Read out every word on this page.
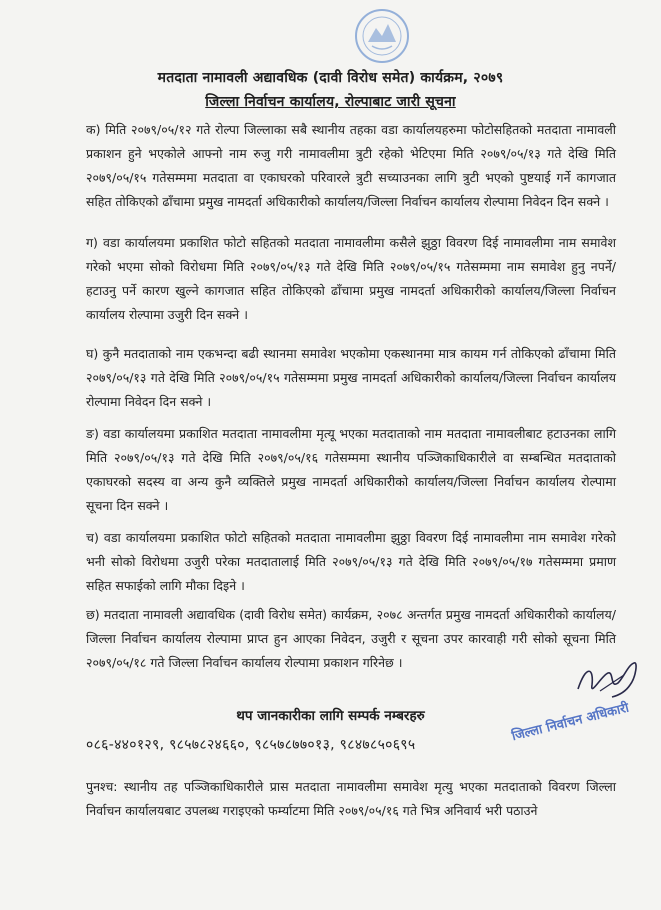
मतदाता नामावली अद्यावधिक (दावी विरोध समेत) कार्यक्रम, २०७९
जिल्ला निर्वाचन कार्यालय, रोल्पाबाट जारी सूचना

क) मिति २०७९/०५/१२ गते रोल्पा जिल्लाका सबै स्थानीय तहका वडा कार्यालयहरुमा फोटोसहितको मतदाता नामावली प्रकाशन हुने भएकोले आफ्नो नाम रुजु गरी नामावलीमा त्रुटी रहेको भेटिएमा मिति २०७९/०५/१३ गते देखि मिति २०७९/०५/१५ गतेसम्ममा मतदाता वा एकाघरको परिवारले त्रुटी सच्याउनका लागि त्रुटी भएको पुष्टयाई गर्ने कागजात सहित तोकिएको ढाँचामा प्रमुख नामदर्ता अधिकारीको कार्यालय/जिल्ला निर्वाचन कार्यालय रोल्पामा निवेदन दिन सक्ने ।

ग) वडा कार्यालयमा प्रकाशित फोटो सहितको मतदाता नामावलीमा कसैले झुठ्ठा विवरण दिई नामावलीमा नाम समावेश गरेको भएमा सोको विरोधमा मिति २०७९/०५/१३ गते देखि मिति २०७९/०५/१५ गतेसम्ममा नाम समावेश हुनु नपर्ने/हटाउनु पर्ने कारण खुल्ने कागजात सहित तोकिएको ढाँचामा प्रमुख नामदर्ता अधिकारीको कार्यालय/जिल्ला निर्वाचन कार्यालय रोल्पामा उजुरी दिन सक्ने ।

घ) कुनै मतदाताको नाम एकभन्दा बढी स्थानमा समावेश भएकोमा एकस्थानमा मात्र कायम गर्न तोकिएको ढाँचामा मिति २०७९/०५/१३ गते देखि मिति २०७९/०५/१५ गतेसम्ममा प्रमुख नामदर्ता अधिकारीको कार्यालय/जिल्ला निर्वाचन कार्यालय रोल्पामा निवेदन दिन सक्ने ।

ङ) वडा कार्यालयमा प्रकाशित मतदाता नामावलीमा मृत्यू भएका मतदाताको नाम मतदाता नामावलीबाट हटाउनका लागि मिति २०७९/०५/१३ गते देखि मिति २०७९/०५/१६ गतेसम्ममा स्थानीय पञ्जिकाधिकारीले वा सम्बन्धित मतदाताको एकाघरको सदस्य वा अन्य कुनै व्यक्तिले प्रमुख नामदर्ता अधिकारीको कार्यालय/जिल्ला निर्वाचन कार्यालय रोल्पामा सूचना दिन सक्ने ।

च) वडा कार्यालयमा प्रकाशित फोटो सहितको मतदाता नामावलीमा झुठ्ठा विवरण दिई नामावलीमा नाम समावेश गरेको भनी सोको विरोधमा उजुरी परेका मतदातालाई मिति २०७९/०५/१३ गते देखि मिति २०७९/०५/१७ गतेसम्ममा प्रमाण सहित सफाईको लागि मौका दिइने ।

छ) मतदाता नामावली अद्यावधिक (दावी विरोध समेत) कार्यक्रम, २०७८ अन्तर्गत प्रमुख नामदर्ता अधिकारीको कार्यालय/जिल्ला निर्वाचन कार्यालय रोल्पामा प्राप्त हुन आएका निवेदन, उजुरी र सूचना उपर कारवाही गरी सोको सूचना मिति २०७९/०५/१८ गते जिल्ला निर्वाचन कार्यालय रोल्पामा प्रकाशन गरिनेछ ।

थप जानकारीका लागि सम्पर्क नम्बरहरु
०८६-४४०१२९, ९८५७८२४६६०, ९८५७८७७०१३, ९८४७८५०६९५
जिल्ला निर्वाचन अधिकारी

पुनश्च: स्थानीय तह पञ्जिकाधिकारीले प्रास मतदाता नामावलीमा समावेश मृत्यु भएका मतदाताको विवरण जिल्ला निर्वाचन कार्यालयबाट उपलब्ध गराइएको फर्म्याटमा मिति २०७९/०५/१६ गते भित्र अनिवार्य भरी पठाउने
